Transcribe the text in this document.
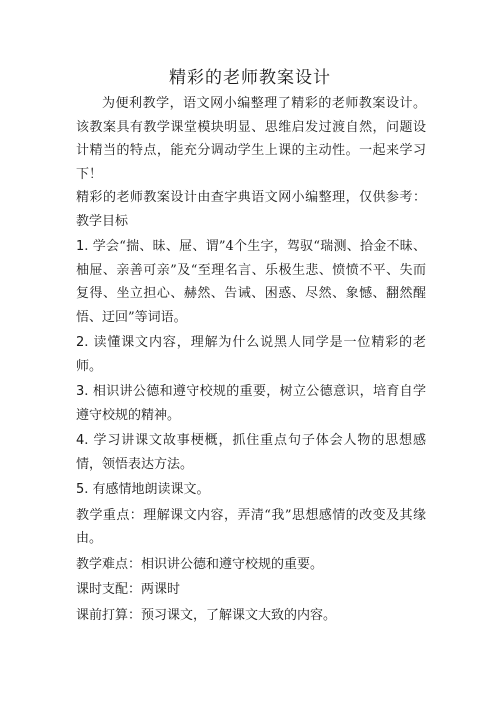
精彩的老师教案设计

为便利教学，语文网小编整理了精彩的老师教案设计。该教案具有教学课堂模块明显、思维启发过渡自然，问题设计精当的特点，能充分调动学生上课的主动性。一起来学习下！

精彩的老师教案设计由查字典语文网小编整理，仅供参考：教学目标

1. 学会“揣、昧、屉、谓”4个生字，驾驭“瑞测、拾金不昧、柚屉、亲善可亲”及“至理名言、乐极生悲、愤愤不平、失而复得、坐立担心、赫然、告诫、困惑、尽然、象憾、翻然醒悟、迂回”等词语。

2. 读懂课文内容，理解为什么说黑人同学是一位精彩的老师。

3. 相识讲公德和遵守校规的重要，树立公德意识，培育自学遵守校规的精神。

4. 学习讲课文故事梗概，抓住重点句子体会人物的思想感情，领悟表达方法。

5. 有感情地朗读课文。

教学重点：理解课文内容，弄清“我”思想感情的改变及其缘由。

教学难点：相识讲公德和遵守校规的重要。

课时支配：两课时

课前打算：预习课文，了解课文大致的内容。
